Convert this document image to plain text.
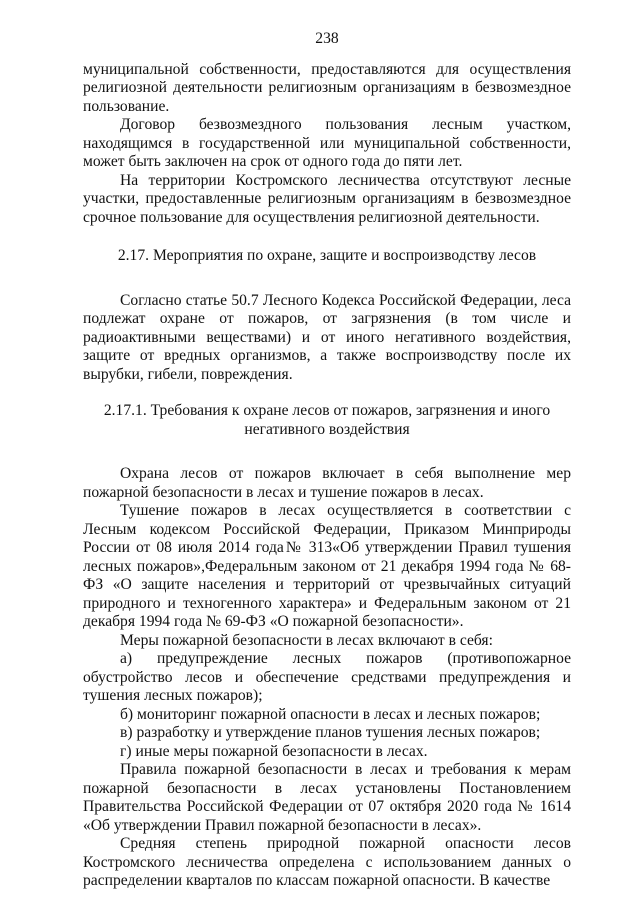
238

муниципальной собственности, предоставляются для осуществления религиозной деятельности религиозным организациям в безвозмездное пользование.

Договор безвозмездного пользования лесным участком, находящимся в государственной или муниципальной собственности, может быть заключен на срок от одного года до пяти лет.

На территории Костромского лесничества отсутствуют лесные участки, предоставленные религиозным организациям в безвозмездное срочное пользование для осуществления религиозной деятельности.

2.17. Мероприятия по охране, защите и воспроизводству лесов

Согласно статье 50.7 Лесного Кодекса Российской Федерации, леса подлежат охране от пожаров, от загрязнения (в том числе и радиоактивными веществами) и от иного негативного воздействия, защите от вредных организмов, а также воспроизводству после их вырубки, гибели, повреждения.

2.17.1. Требования к охране лесов от пожаров, загрязнения и иного
негативного воздействия

Охрана лесов от пожаров включает в себя выполнение мер пожарной безопасности в лесах и тушение пожаров в лесах.

Тушение пожаров в лесах осуществляется в соответствии с Лесным кодексом Российской Федерации, Приказом Минприроды России от 08 июля 2014 года№ 313«Об утверждении Правил тушения лесных пожаров»,Федеральным законом от 21 декабря 1994 года № 68-ФЗ «О защите населения и территорий от чрезвычайных ситуаций природного и техногенного характера» и Федеральным законом от 21 декабря 1994 года № 69-ФЗ «О пожарной безопасности».

Меры пожарной безопасности в лесах включают в себя:

а) предупреждение лесных пожаров (противопожарное обустройство лесов и обеспечение средствами предупреждения и тушения лесных пожаров);

б) мониторинг пожарной опасности в лесах и лесных пожаров;

в) разработку и утверждение планов тушения лесных пожаров;

г) иные меры пожарной безопасности в лесах.

Правила пожарной безопасности в лесах и требования к мерам пожарной безопасности в лесах установлены Постановлением Правительства Российской Федерации от 07 октября 2020 года № 1614 «Об утверждении Правил пожарной безопасности в лесах».

Средняя степень природной пожарной опасности лесов Костромского лесничества определена с использованием данных о распределении кварталов по классам пожарной опасности. В качестве
